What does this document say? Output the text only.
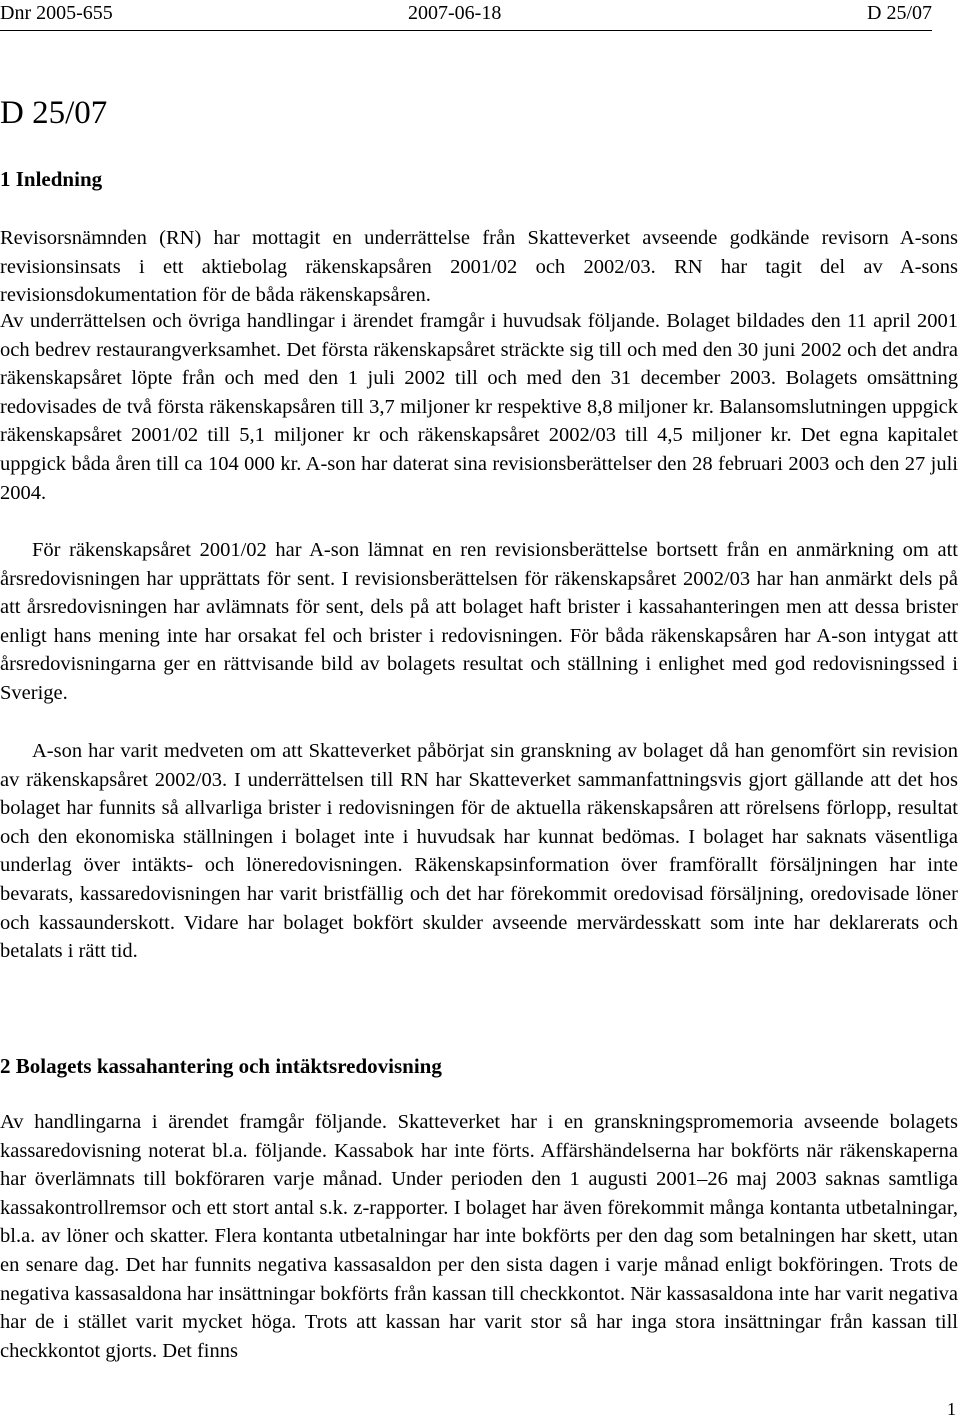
Dnr 2005-655	2007-06-18	D 25/07
D 25/07
1 Inledning

Revisorsnämnden (RN) har mottagit en underrättelse från Skatteverket avseende godkände revisorn A-sons revisionsinsats i ett aktiebolag räkenskapsåren 2001/02 och 2002/03. RN har tagit del av A-sons revisionsdokumentation för de båda räkenskapsåren.

Av underrättelsen och övriga handlingar i ärendet framgår i huvudsak följande. Bolaget bildades den 11 april 2001 och bedrev restaurangverksamhet. Det första räkenskapsåret sträckte sig till och med den 30 juni 2002 och det andra räkenskapsåret löpte från och med den 1 juli 2002 till och med den 31 december 2003. Bolagets omsättning redovisades de två första räkenskapsåren till 3,7 miljoner kr respektive 8,8 miljoner kr. Balansomslutningen uppgick räkenskapsåret 2001/02 till 5,1 miljoner kr och räkenskapsåret 2002/03 till 4,5 miljoner kr. Det egna kapitalet uppgick båda åren till ca 104 000 kr. A-son har daterat sina revisionsberättelser den 28 februari 2003 och den 27 juli 2004.

För räkenskapsåret 2001/02 har A-son lämnat en ren revisionsberättelse bortsett från en anmärkning om att årsredovisningen har upprättats för sent. I revisionsberättelsen för räkenskapsåret 2002/03 har han anmärkt dels på att årsredovisningen har avlämnats för sent, dels på att bolaget haft brister i kassahanteringen men att dessa brister enligt hans mening inte har orsakat fel och brister i redovisningen. För båda räkenskapsåren har A-son intygat att årsredovisningarna ger en rättvisande bild av bolagets resultat och ställning i enlighet med god redovisningssed i Sverige.

A-son har varit medveten om att Skatteverket påbörjat sin granskning av bolaget då han genomfört sin revision av räkenskapsåret 2002/03. I underrättelsen till RN har Skatteverket sammanfattningsvis gjort gällande att det hos bolaget har funnits så allvarliga brister i redovisningen för de aktuella räkenskapsåren att rörelsens förlopp, resultat och den ekonomiska ställningen i bolaget inte i huvudsak har kunnat bedömas. I bolaget har saknats väsentliga underlag över intäkts- och löneredovisningen. Räkenskapsinformation över framförallt försäljningen har inte bevarats, kassaredovisningen har varit bristfällig och det har förekommit oredovisad försäljning, oredovisade löner och kassaunderskott. Vidare har bolaget bokfört skulder avseende mervärdesskatt som inte har deklarerats och betalats i rätt tid.

2 Bolagets kassahantering och intäktsredovisning

Av handlingarna i ärendet framgår följande. Skatteverket har i en granskningspromemoria avseende bolagets kassaredovisning noterat bl.a. följande. Kassabok har inte förts. Affärshändelserna har bokförts när räkenskaperna har överlämnats till bokföraren varje månad. Under perioden den 1 augusti 2001–26 maj 2003 saknas samtliga kassakontrollremsor och ett stort antal s.k. z-rapporter. I bolaget har även förekommit många kontanta utbetalningar, bl.a. av löner och skatter. Flera kontanta utbetalningar har inte bokförts per den dag som betalningen har skett, utan en senare dag. Det har funnits negativa kassasaldon per den sista dagen i varje månad enligt bokföringen. Trots de negativa kassasaldona har insättningar bokförts från kassan till checkkontot. När kassasaldona inte har varit negativa har de i stället varit mycket höga. Trots att kassan har varit stor så har inga stora insättningar från kassan till checkkontot gjorts. Det finns

1
